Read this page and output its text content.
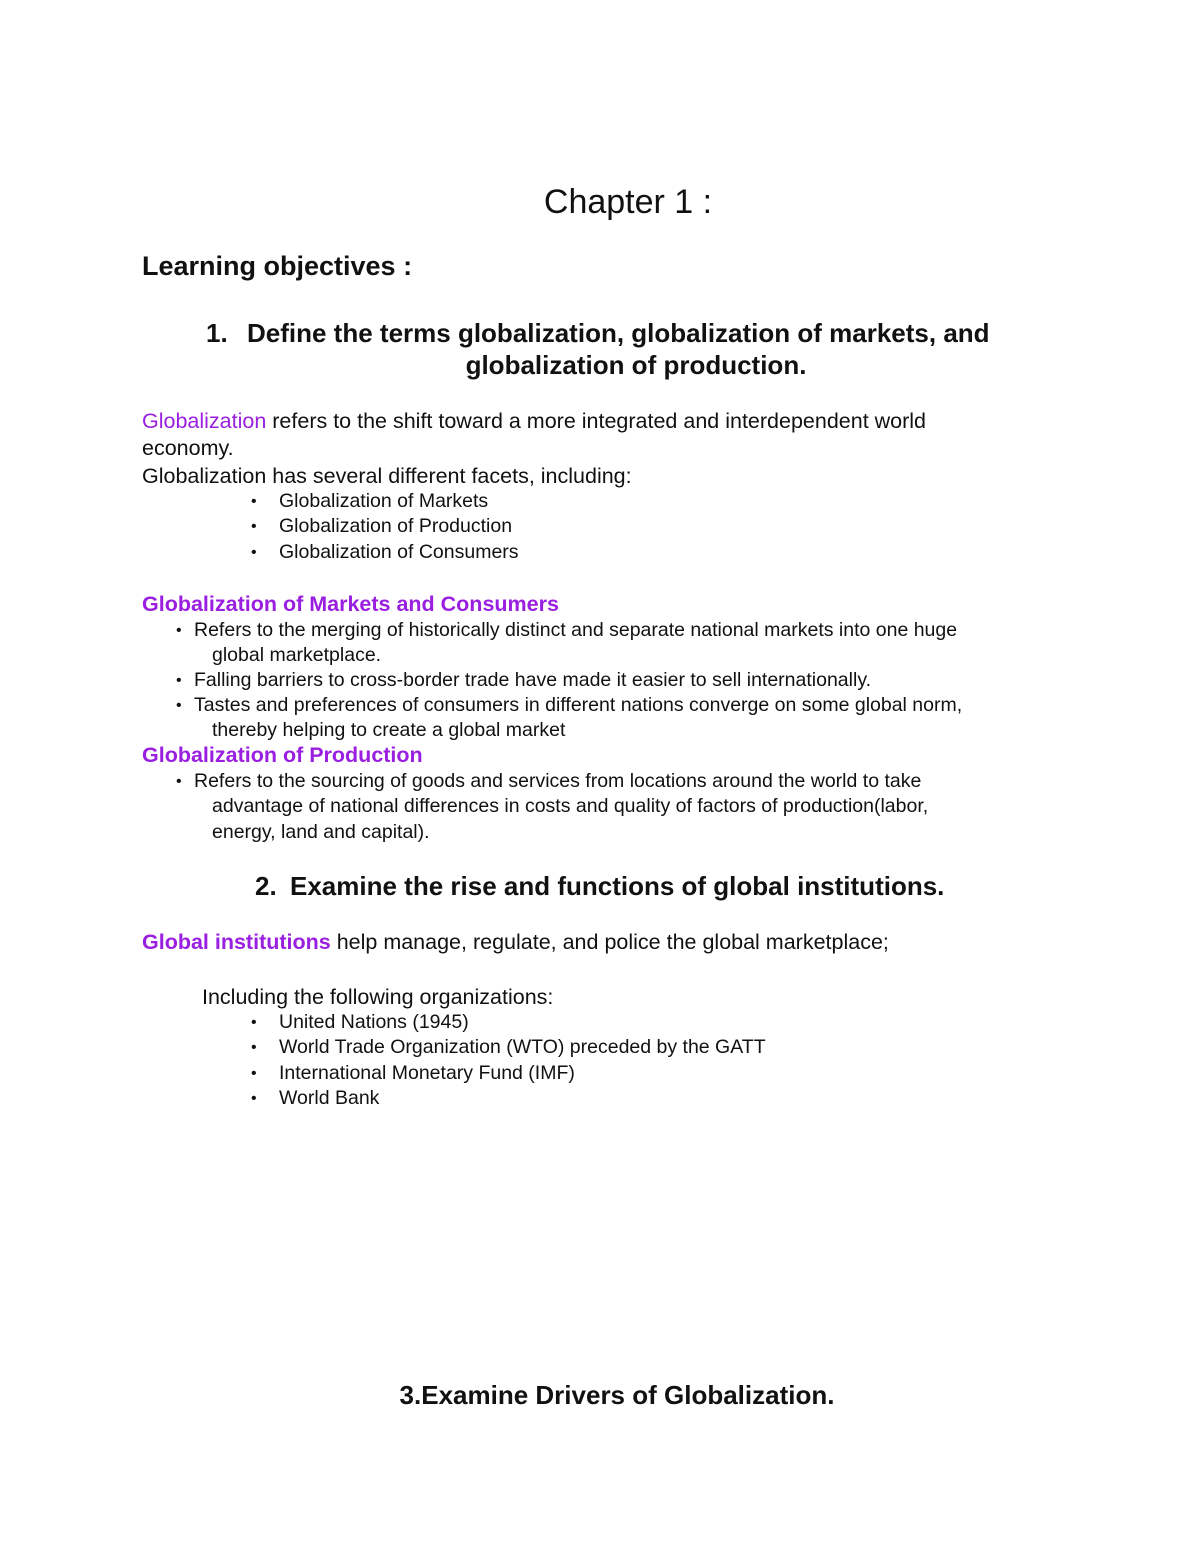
Chapter 1 :
Learning objectives :
1. Define the terms globalization, globalization of markets, and
globalization of production.
Globalization refers to the shift toward a more integrated and interdependent world
economy.
Globalization has several different facets, including:
• Globalization of Markets
• Globalization of Production
• Globalization of Consumers
Globalization of Markets and Consumers
• Refers to the merging of historically distinct and separate national markets into one huge
global marketplace.
• Falling barriers to cross-border trade have made it easier to sell internationally.
• Tastes and preferences of consumers in different nations converge on some global norm,
thereby helping to create a global market
Globalization of Production
• Refers to the sourcing of goods and services from locations around the world to take
advantage of national differences in costs and quality of factors of production(labor,
energy, land and capital).
2. Examine the rise and functions of global institutions.
Global institutions help manage, regulate, and police the global marketplace;
Including the following organizations:
• United Nations (1945)
• World Trade Organization (WTO) preceded by the GATT
• International Monetary Fund (IMF)
• World Bank
3.Examine Drivers of Globalization.
